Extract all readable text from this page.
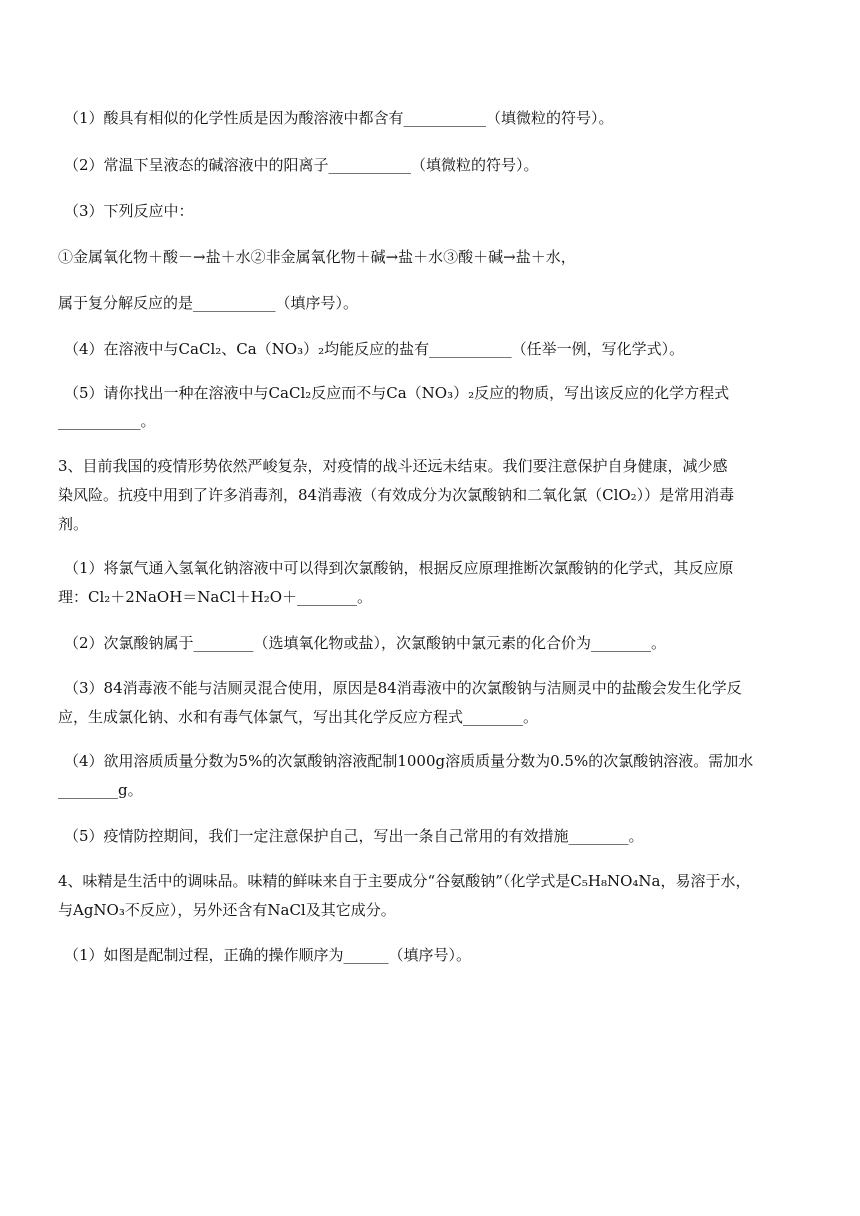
（1）酸具有相似的化学性质是因为酸溶液中都含有___________（填微粒的符号）。
（2）常温下呈液态的碱溶液中的阳离子___________（填微粒的符号）。
（3）下列反应中：
①金属氧化物＋酸－→盐＋水②非金属氧化物＋碱→盐＋水③酸＋碱→盐＋水，
属于复分解反应的是___________（填序号）。
（4）在溶液中与CaCl₂、Ca（NO₃）₂均能反应的盐有___________（任举一例，写化学式）。
（5）请你找出一种在溶液中与CaCl₂反应而不与Ca（NO₃）₂反应的物质，写出该反应的化学方程式
___________。
3、目前我国的疫情形势依然严峻复杂，对疫情的战斗还远未结束。我们要注意保护自身健康，减少感
染风险。抗疫中用到了许多消毒剂，84消毒液（有效成分为次氯酸钠和二氧化氯（ClO₂））是常用消毒
剂。
（1）将氯气通入氢氧化钠溶液中可以得到次氯酸钠，根据反应原理推断次氯酸钠的化学式，其反应原
理：Cl₂＋2NaOH＝NaCl＋H₂O＋________。
（2）次氯酸钠属于________（选填氧化物或盐），次氯酸钠中氯元素的化合价为________。
（3）84消毒液不能与洁厕灵混合使用，原因是84消毒液中的次氯酸钠与洁厕灵中的盐酸会发生化学反
应，生成氯化钠、水和有毒气体氯气，写出其化学反应方程式________。
（4）欲用溶质质量分数为5%的次氯酸钠溶液配制1000g溶质质量分数为0.5%的次氯酸钠溶液。需加水
________g。
（5）疫情防控期间，我们一定注意保护自己，写出一条自己常用的有效措施________。
4、味精是生活中的调味品。味精的鲜味来自于主要成分“谷氨酸钠”（化学式是C₅H₈NO₄Na，易溶于水，
与AgNO₃不反应），另外还含有NaCl及其它成分。
（1）如图是配制过程，正确的操作顺序为______（填序号）。
